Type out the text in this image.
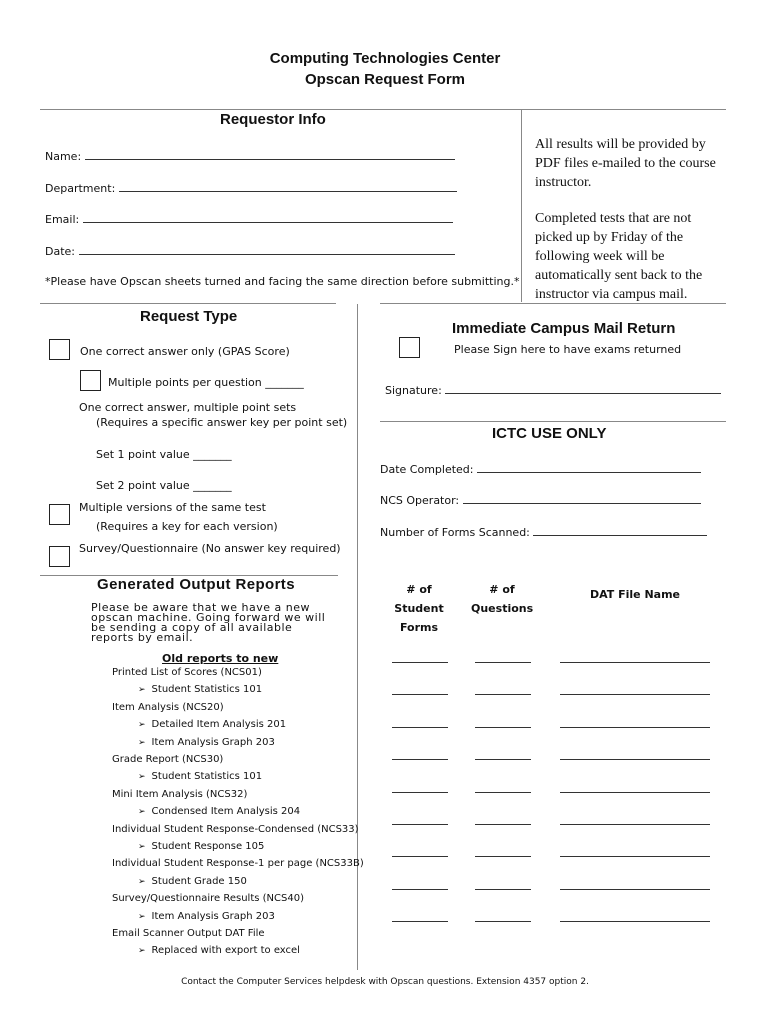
Computing Technologies Center
Opscan Request Form
Requestor Info
Name:
Department:
Email:
Date:
*Please have Opscan sheets turned and facing the same direction before submitting.*
All results will be provided by PDF files e-mailed to the course instructor.
Completed tests that are not picked up by Friday of the following week will be automatically sent back to the instructor via campus mail.
Request Type
One correct answer only (GPAS Score)
Multiple points per question _______
One correct answer, multiple point sets
(Requires a specific answer key per point set)
Set 1 point value _______
Set 2 point value _______
Multiple versions of the same test
(Requires a key for each version)
Survey/Questionnaire (No answer key required)
Immediate Campus Mail Return
Please Sign here to have exams returned
Signature:
ICTC USE ONLY
Date Completed:
NCS Operator:
Number of Forms Scanned:
Generated Output Reports
Please be aware that we have a new opscan machine. Going forward we will be sending a copy of all available reports by email.
Old reports to new
Printed List of Scores (NCS01)
➢ Student Statistics 101
Item Analysis (NCS20)
➢ Detailed Item Analysis 201
➢ Item Analysis Graph 203
Grade Report (NCS30)
➢ Student Statistics 101
Mini Item Analysis (NCS32)
➢ Condensed Item Analysis 204
Individual Student Response-Condensed (NCS33)
➢ Student Response 105
Individual Student Response-1 per page (NCS33B)
➢ Student Grade 150
Survey/Questionnaire Results (NCS40)
➢ Item Analysis Graph 203
Email Scanner Output DAT File
➢ Replaced with export to excel
# of Student Forms
# of Questions
DAT File Name
Contact the Computer Services helpdesk with Opscan questions. Extension 4357 option 2.
